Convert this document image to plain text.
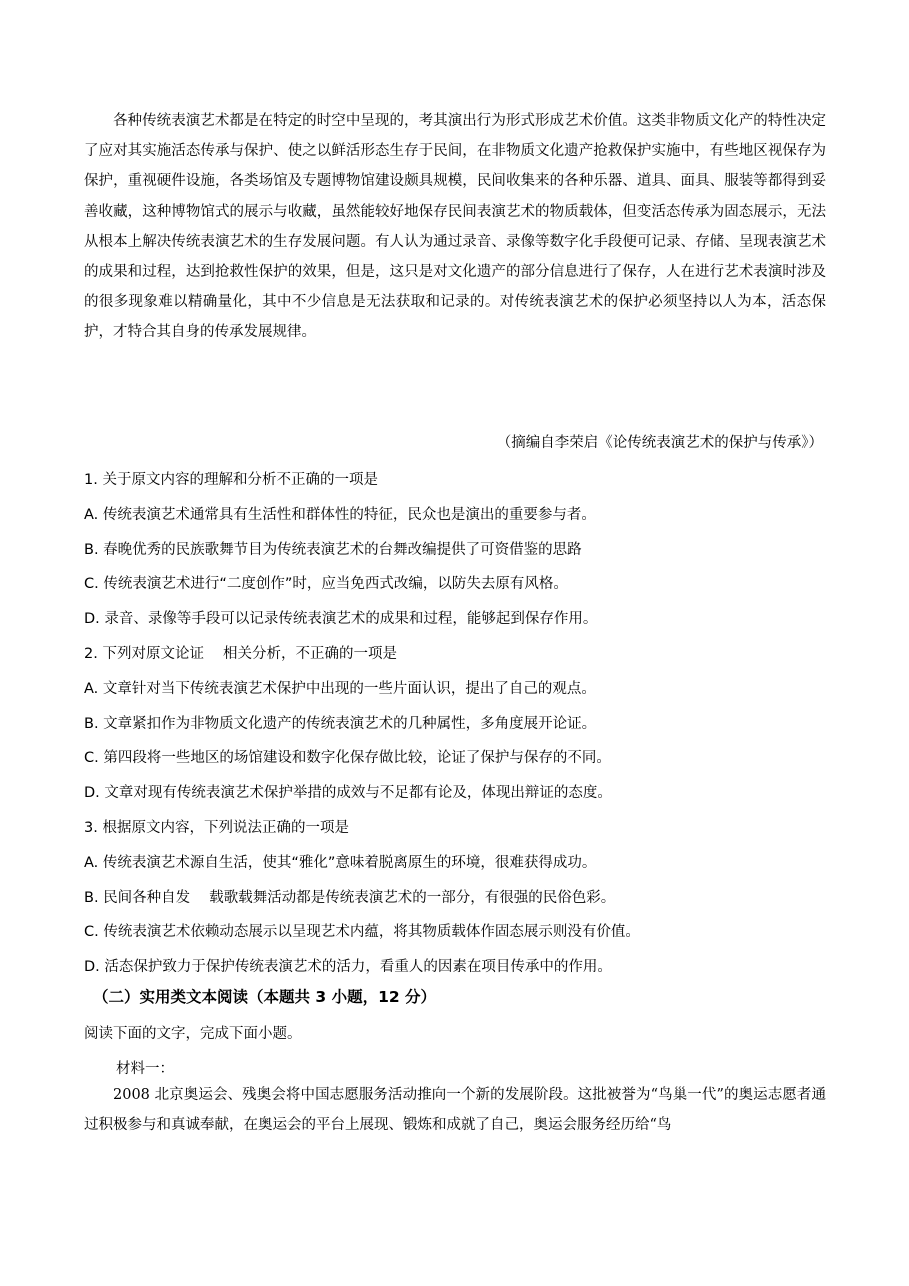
各种传统表演艺术都是在特定的时空中呈现的，考其演出行为形式形成艺术价值。这类非物质文化产的特性决定了应对其实施活态传承与保护、使之以鲜活形态生存于民间，在非物质文化遗产抢救保护实施中，有些地区视保存为保护，重视硬件设施，各类场馆及专题博物馆建设颇具规模，民间收集来的各种乐器、道具、面具、服装等都得到妥善收藏，这种博物馆式的展示与收藏，虽然能较好地保存民间表演艺术的物质载体，但变活态传承为固态展示，无法从根本上解决传统表演艺术的生存发展问题。有人认为通过录音、录像等数字化手段便可记录、存储、呈现表演艺术的成果和过程，达到抢救性保护的效果，但是，这只是对文化遗产的部分信息进行了保存，人在进行艺术表演时涉及的很多现象难以精确量化，其中不少信息是无法获取和记录的。对传统表演艺术的保护必须坚持以人为本，活态保护，才特合其自身的传承发展规律。

（摘编自李荣启《论传统表演艺术的保护与传承》）
1. 关于原文内容的理解和分析不正确的一项是
A. 传统表演艺术通常具有生活性和群体性的特征，民众也是演出的重要参与者。
B. 春晚优秀的民族歌舞节目为传统表演艺术的台舞改编提供了可资借鉴的思路
C. 传统表演艺术进行“二度创作”时，应当免西式改编，以防失去原有风格。
D. 录音、录像等手段可以记录传统表演艺术的成果和过程，能够起到保存作用。
2. 下列对原文论证　 相关分析，不正确的一项是
A. 文章针对当下传统表演艺术保护中出现的一些片面认识，提出了自己的观点。
B. 文章紧扣作为非物质文化遗产的传统表演艺术的几种属性，多角度展开论证。
C. 第四段将一些地区的场馆建设和数字化保存做比较，论证了保护与保存的不同。
D. 文章对现有传统表演艺术保护举措的成效与不足都有论及，体现出辩证的态度。
3. 根据原文内容，下列说法正确的一项是
A. 传统表演艺术源自生活，使其“雅化”意味着脱离原生的环境，很难获得成功。
B. 民间各种自发　 载歌载舞活动都是传统表演艺术的一部分，有很强的民俗色彩。
C. 传统表演艺术依赖动态展示以呈现艺术内蕴，将其物质载体作固态展示则没有价值。
D. 活态保护致力于保护传统表演艺术的活力，看重人的因素在项目传承中的作用。
（二）实用类文本阅读（本题共 3 小题，12 分）
阅读下面的文字，完成下面小题。
材料一：

2008 北京奥运会、残奥会将中国志愿服务活动推向一个新的发展阶段。这批被誉为“鸟巢一代”的奥运志愿者通过积极参与和真诚奉献，在奥运会的平台上展现、锻炼和成就了自己，奥运会服务经历给“鸟
